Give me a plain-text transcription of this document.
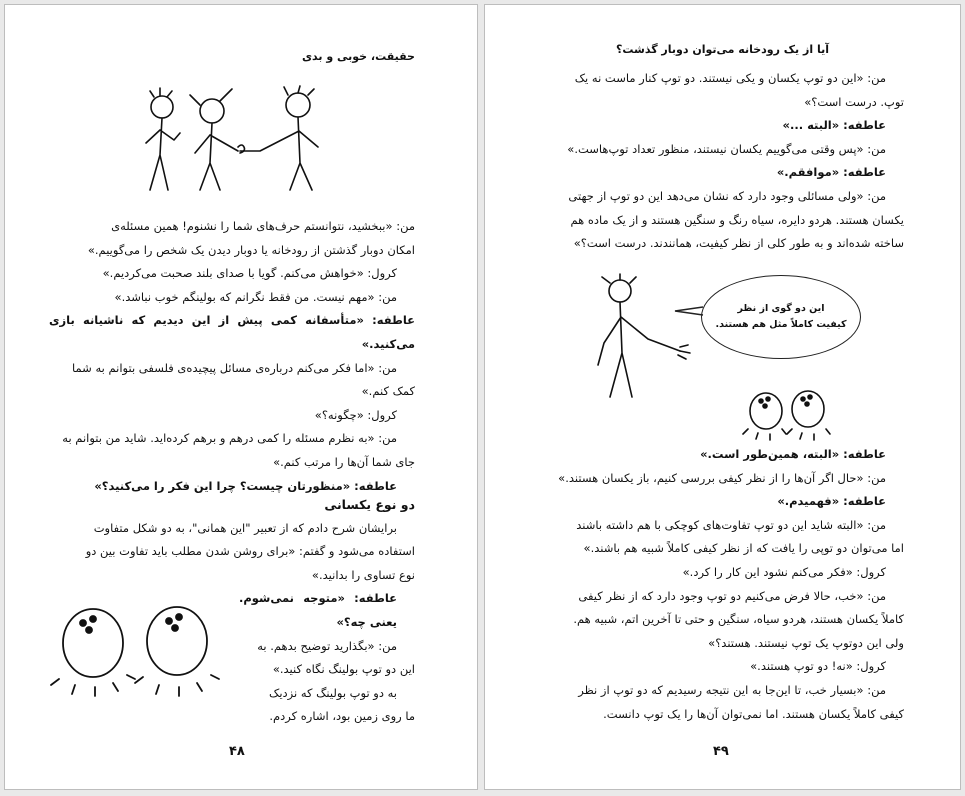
حقیقت، خوبی و بدی

من: «ببخشید، نتوانستم حرف‌های شما را نشنوم! همین مسئله‌ی

امکان دوبار گذشتن از رودخانه یا دوبار دیدن یک شخص را می‌گوییم.»

کرول: «خواهش می‌کنم. گویا با صدای بلند صحبت می‌کردیم.»

من: «مهم نیست. من فقط نگرانم که بولینگم خوب نباشد.»

عاطفه: «متأسفانه کمی پیش از این دیدیم که ناشیانه بازی می‌کنید.»

من: «اما فکر می‌کنم درباره‌ی مسائل پیچیده‌ی فلسفی بتوانم به شما

کمک کنم.»

کرول: «چگونه؟»

من: «به نظرم مسئله را کمی درهم و برهم کرده‌اید. شاید من بتوانم به

جای شما آن‌ها را مرتب کنم.»

عاطفه: «منظورتان چیست؟ چرا این فکر را می‌کنید؟»

دو نوع یکسانی

برایشان شرح دادم که از تعبیر "این همانی"، به دو شکل متفاوت

استفاده می‌شود و گفتم: «برای روشن شدن مطلب باید تفاوت بین دو

نوع تساوی را بدانید.»

عاطفه: «متوجه نمی‌شوم. یعنی چه؟»

من: «بگذارید توضیح بدهم. به

این دو توپ بولینگ نگاه کنید.»

به دو توپ بولینگ که نزدیک

ما روی زمین بود، اشاره کردم.

۴۸
آیا از یک رودخانه می‌توان دوبار گذشت؟

من: «این دو توپ یکسان و یکی نیستند. دو توپ کنار ماست نه یک

توپ. درست است؟»

عاطفه: «البته ...»

من: «پس وقتی می‌گوییم یکسان نیستند، منظور تعداد توپ‌هاست.»

عاطفه: «موافقم.»

من: «ولی مسائلی وجود دارد که نشان می‌دهد این دو توپ از جهتی

یکسان هستند. هردو دایره، سیاه رنگ و سنگین هستند و از یک ماده هم

ساخته شده‌اند و به طور کلی از نظر کیفیت، همانندند. درست است؟»

این دو گوی از نظر
کیفیت کاملاً مثل هم هستند.

عاطفه: «البته، همین‌طور است.»

من: «حال اگر آن‌ها را از نظر کیفی بررسی کنیم، باز یکسان هستند.»

عاطفه: «فهمیدم.»

من: «البته شاید این دو توپ تفاوت‌های کوچکی با هم داشته باشند

اما می‌توان دو توپی را یافت که از نظر کیفی کاملاً شبیه هم باشند.»

کرول: «فکر می‌کنم نشود این کار را کرد.»

من: «خب، حالا فرض می‌کنیم دو توپ وجود دارد که از نظر کیفی

کاملاً یکسان هستند، هردو سیاه، سنگین و حتی تا آخرین اتم، شبیه هم.

ولی این دوتوپ یک توپ نیستند. هستند؟»

کرول: «نه! دو توپ هستند.»

من: «بسیار خب، تا این‌جا به این نتیجه رسیدیم که دو توپ از نظر

کیفی کاملاً یکسان هستند. اما نمی‌توان آن‌ها را یک توپ دانست.

۴۹
